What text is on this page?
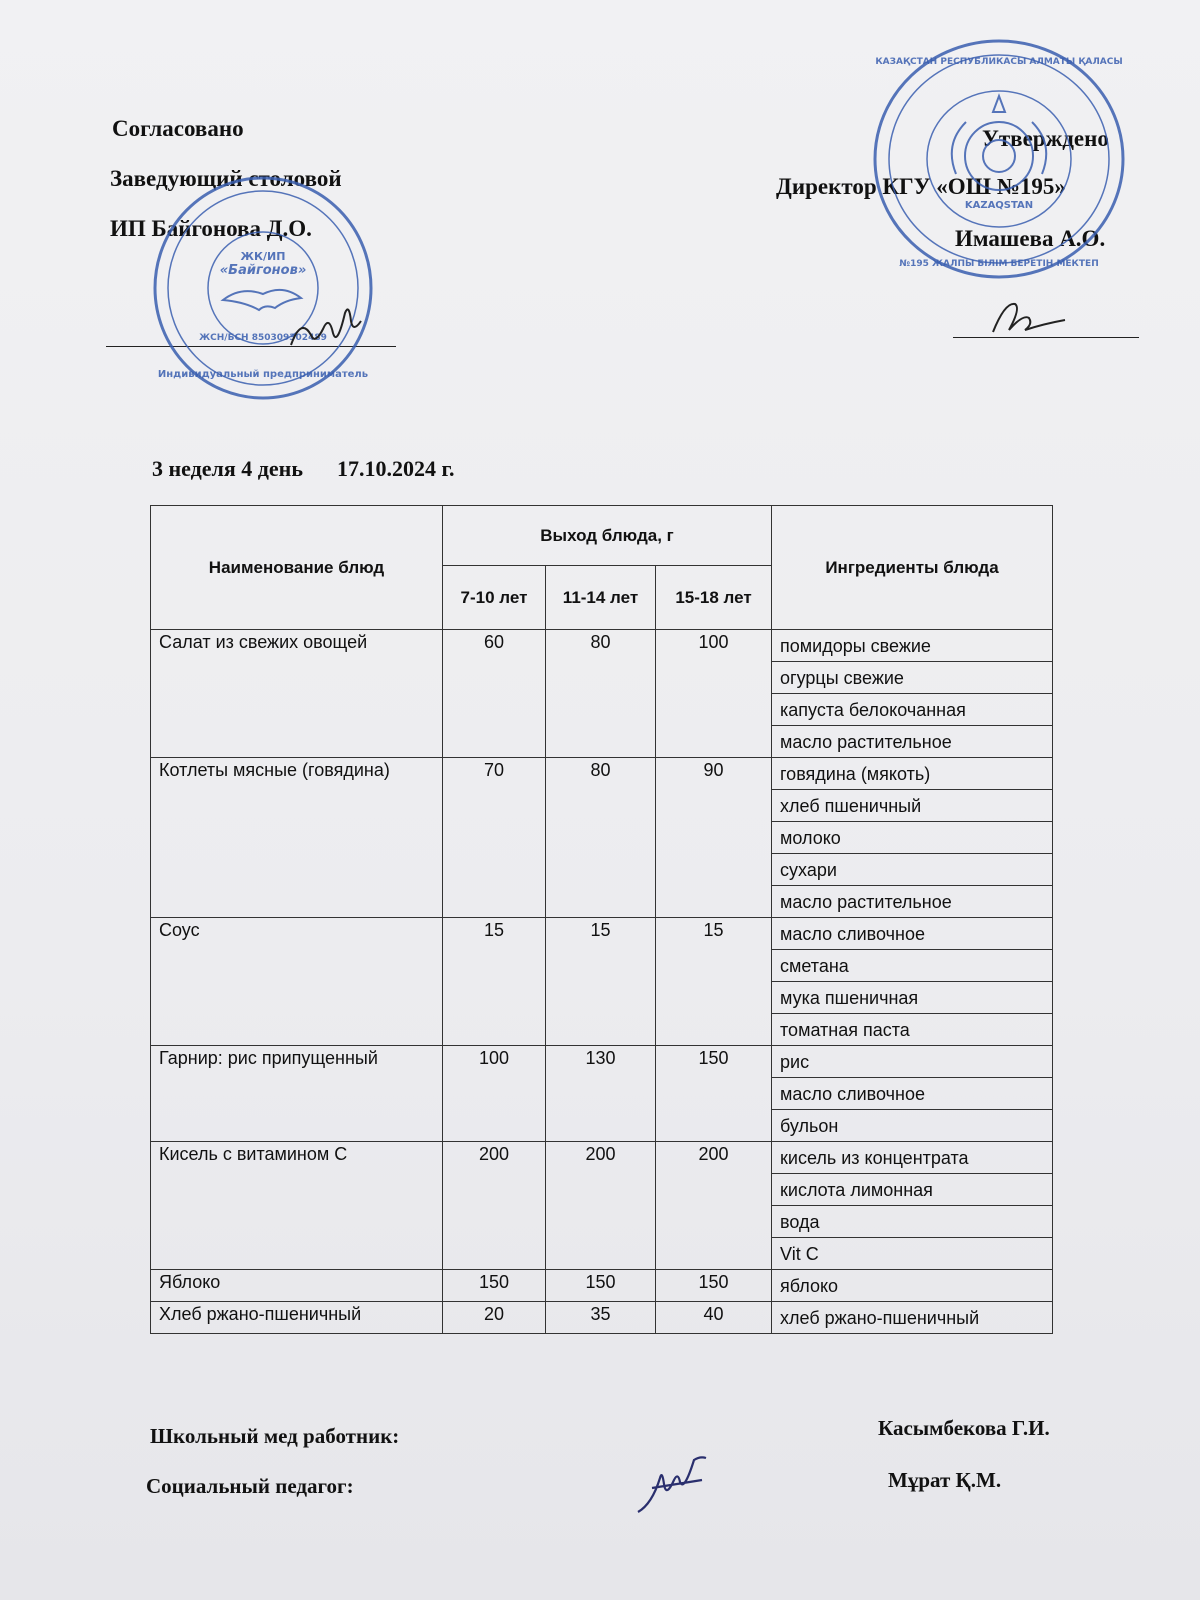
Согласовано
Заведующий столовой
ИП Байгонова Д.О.
Утверждено
Директор КГУ «ОШ №195»
Имашева А.О.
ЖК/ИП
«Байгонов»
ЖСН/БСН 850309302489
Индивидуальный предприниматель
КАЗАҚСТАН РЕСПУБЛИКАСЫ АЛМАТЫ ҚАЛАСЫ
№195 ЖАЛПЫ БІЛІМ БЕРЕТІН МЕКТЕП
KAZAQSTAN
3 неделя 4 день 17.10.2024 г.
Наименование блюд	Выход блюда, г			Ингредиенты блюда
	7-10 лет	11-14 лет	15-18 лет	
Салат из свежих овощей	60	80	100	помидоры свежие
				огурцы свежие
				капуста белокочанная
				масло растительное
Котлеты мясные (говядина)	70	80	90	говядина (мякоть)
				хлеб пшеничный
				молоко
				сухари
				масло растительное
Соус	15	15	15	масло сливочное
				сметана
				мука пшеничная
				томатная паста
Гарнир: рис припущенный	100	130	150	рис
				масло сливочное
				бульон
Кисель с витамином С	200	200	200	кисель из концентрата
				кислота лимонная
				вода
				Vit C
Яблоко	150	150	150	яблоко
Хлеб ржано-пшеничный	20	35	40	хлеб ржано-пшеничный
Школьный мед работник:	Касымбекова Г.И.
Социальный педагог:	Мұрат Қ.М.
